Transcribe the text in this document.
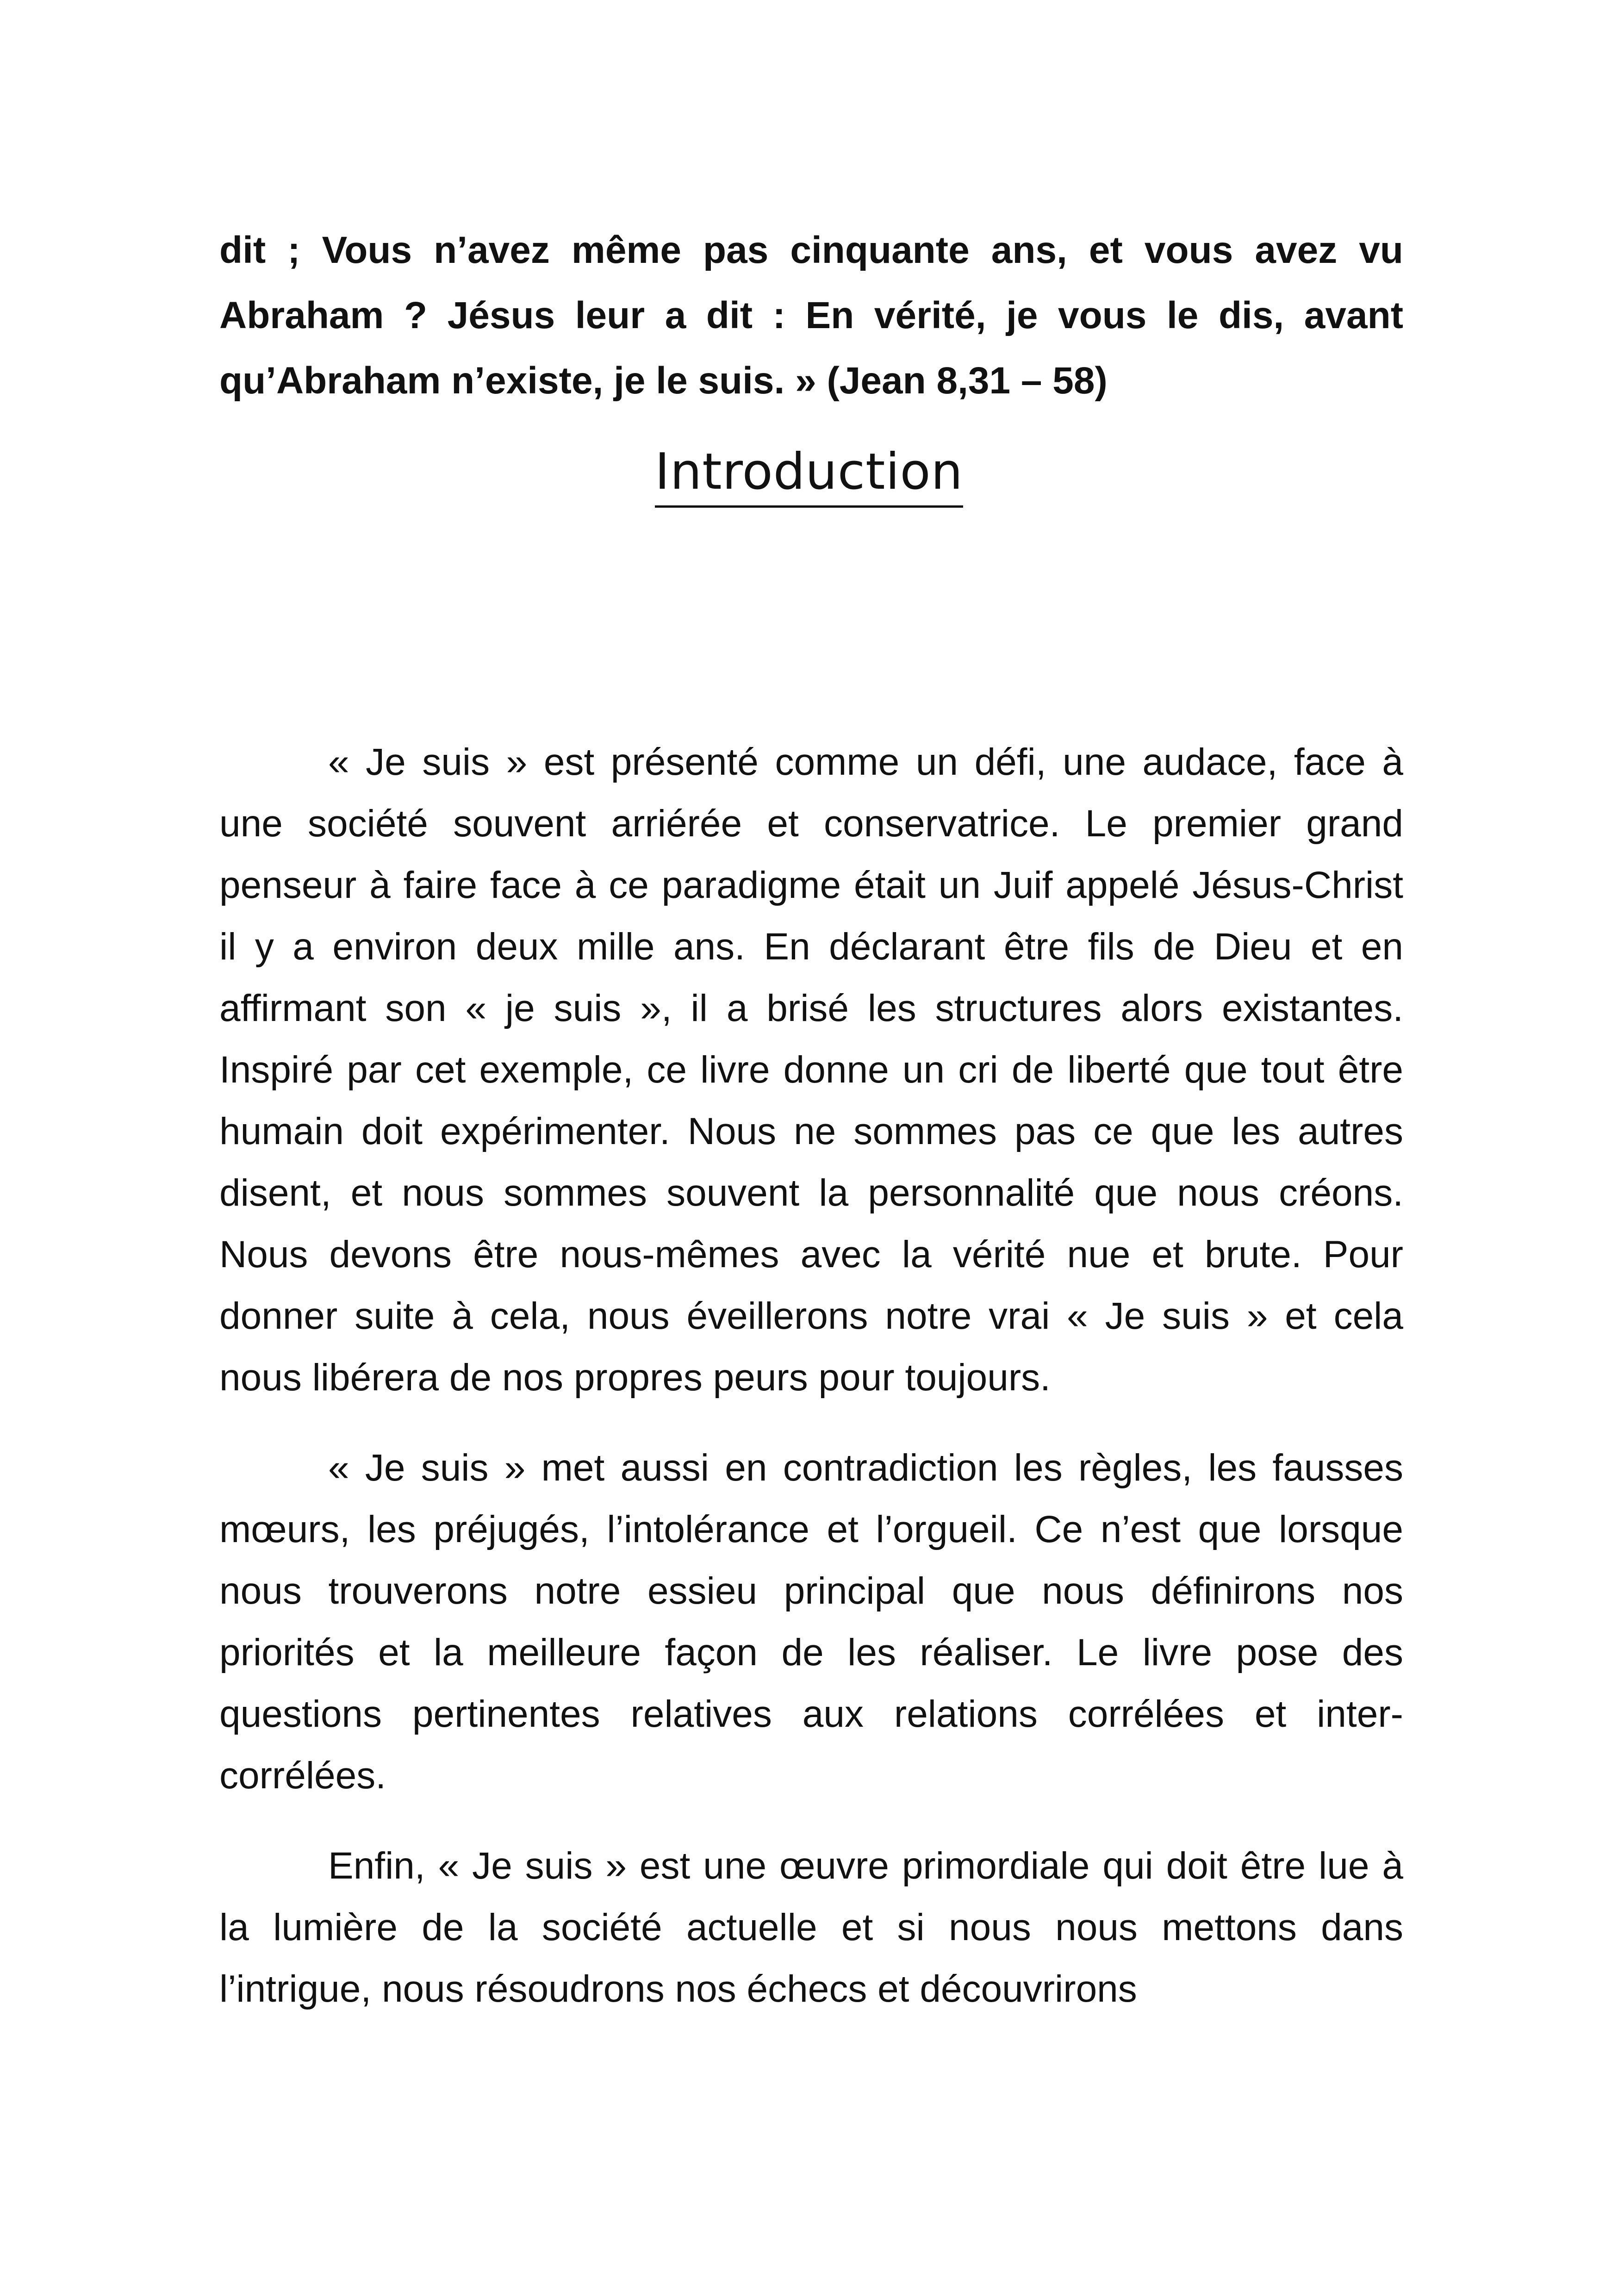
dit ; Vous n’avez même pas cinquante ans, et vous avez vu Abraham ? Jésus leur a dit : En vérité, je vous le dis, avant qu’Abraham n’existe, je le suis. » (Jean 8,31 – 58)
Introduction

« Je suis » est présenté comme un défi, une audace, face à une société souvent arriérée et conservatrice. Le premier grand penseur à faire face à ce paradigme était un Juif appelé Jésus-Christ il y a environ deux mille ans. En déclarant être fils de Dieu et en affirmant son « je suis », il a brisé les structures alors existantes. Inspiré par cet exemple, ce livre donne un cri de liberté que tout être humain doit expérimenter. Nous ne sommes pas ce que les autres disent, et nous sommes souvent la personnalité que nous créons. Nous devons être nous-mêmes avec la vérité nue et brute. Pour donner suite à cela, nous éveillerons notre vrai « Je suis » et cela nous libérera de nos propres peurs pour toujours.

« Je suis » met aussi en contradiction les règles, les fausses mœurs, les préjugés, l’intolérance et l’orgueil. Ce n’est que lorsque nous trouverons notre essieu principal que nous définirons nos priorités et la meilleure façon de les réaliser. Le livre pose des questions pertinentes relatives aux relations corrélées et inter-corrélées.

Enfin, « Je suis » est une œuvre primordiale qui doit être lue à la lumière de la société actuelle et si nous nous mettons dans l’intrigue, nous résoudrons nos échecs et découvrirons
